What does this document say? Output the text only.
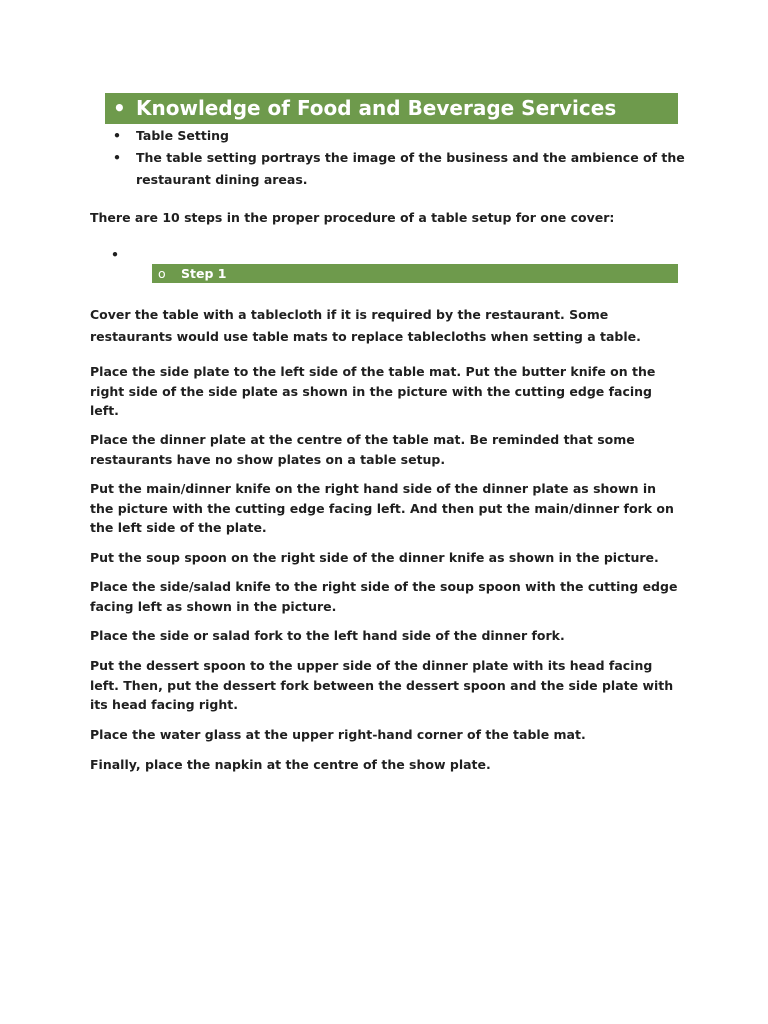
• Knowledge of Food and Beverage Services
• Table Setting
• The table setting portrays the image of the business and the ambience of the restaurant dining areas.

There are 10 steps in the proper procedure of a table setup for one cover:

•
o Step 1

Cover the table with a tablecloth if it is required by the restaurant. Some restaurants would use table mats to replace tablecloths when setting a table.

Place the side plate to the left side of the table mat. Put the butter knife on the right side of the side plate as shown in the picture with the cutting edge facing left.

Place the dinner plate at the centre of the table mat. Be reminded that some restaurants have no show plates on a table setup.

Put the main/dinner knife on the right hand side of the dinner plate as shown in the picture with the cutting edge facing left. And then put the main/dinner fork on the left side of the plate.

Put the soup spoon on the right side of the dinner knife as shown in the picture.

Place the side/salad knife to the right side of the soup spoon with the cutting edge facing left as shown in the picture.

Place the side or salad fork to the left hand side of the dinner fork.

Put the dessert spoon to the upper side of the dinner plate with its head facing left. Then, put the dessert fork between the dessert spoon and the side plate with its head facing right.

Place the water glass at the upper right-hand corner of the table mat.

Finally, place the napkin at the centre of the show plate.
